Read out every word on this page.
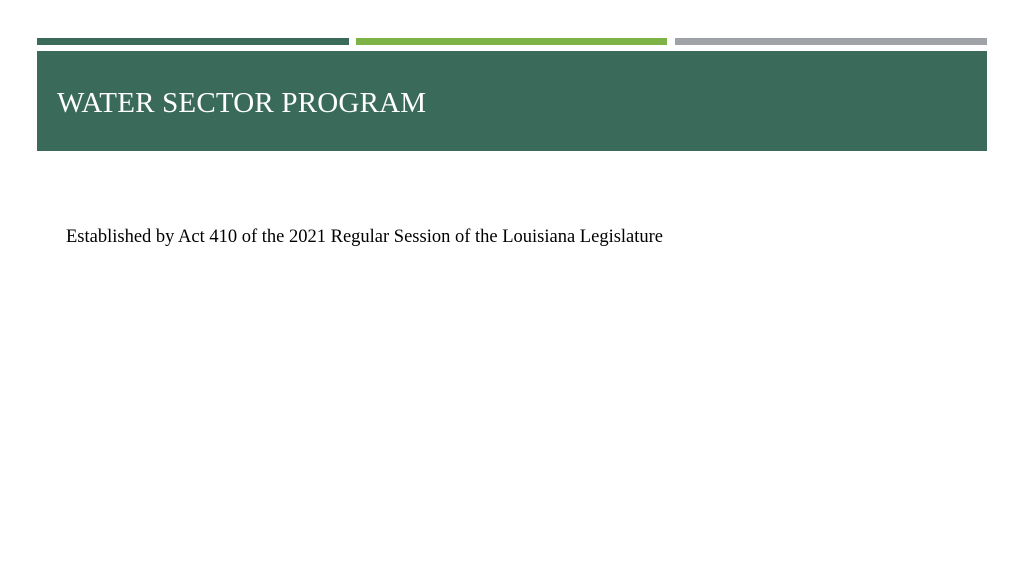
WATER SECTOR PROGRAM
Established by Act 410 of the 2021 Regular Session of the Louisiana Legislature
